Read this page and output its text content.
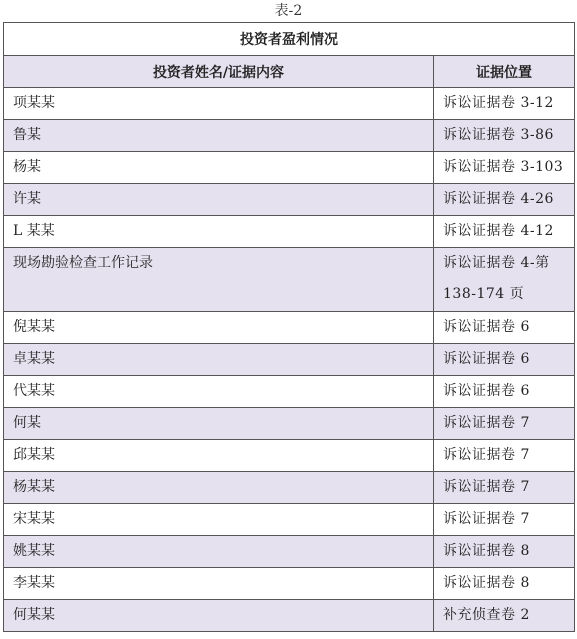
表-2
投资者盈利情况	
投资者姓名/证据内容	证据位置
项某某	诉讼证据卷 3-12
鲁某	诉讼证据卷 3-86
杨某	诉讼证据卷 3-103
许某	诉讼证据卷 4-26
L 某某	诉讼证据卷 4-12
现场勘验检查工作记录	诉讼证据卷 4-第 138-174 页
倪某某	诉讼证据卷 6
卓某某	诉讼证据卷 6
代某某	诉讼证据卷 6
何某	诉讼证据卷 7
邱某某	诉讼证据卷 7
杨某某	诉讼证据卷 7
宋某某	诉讼证据卷 7
姚某某	诉讼证据卷 8
李某某	诉讼证据卷 8
何某某	补充侦查卷 2
